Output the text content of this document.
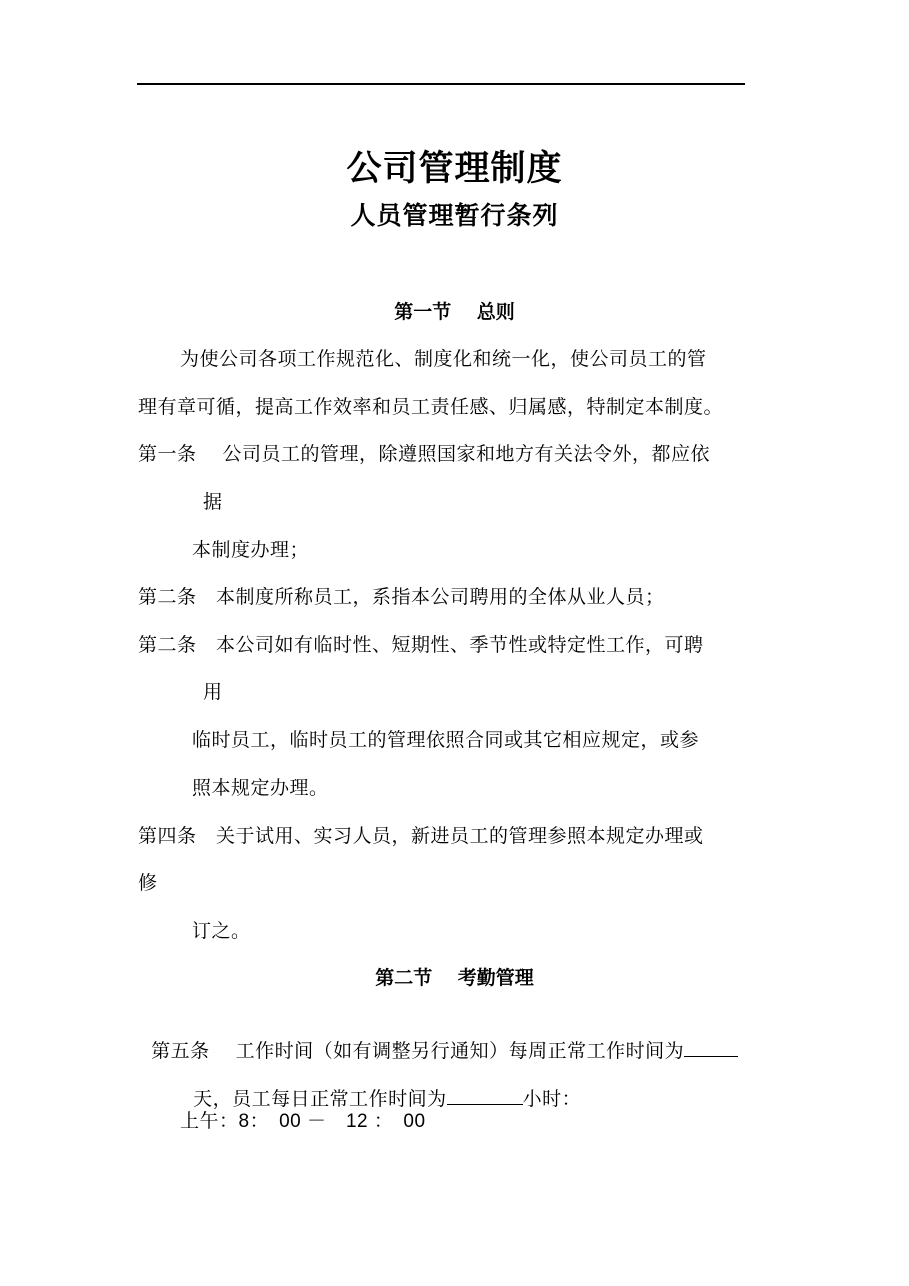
公司管理制度
人员管理暂行条列
第一节　 总则
为使公司各项工作规范化、制度化和统一化，使公司员工的管
理有章可循，提高工作效率和员工责任感、归属感，特制定本制度。
第一条　 公司员工的管理，除遵照国家和地方有关法令外，都应依
据
本制度办理；
第二条　本制度所称员工，系指本公司聘用的全体从业人员；
第二条　本公司如有临时性、短期性、季节性或特定性工作，可聘
用
临时员工，临时员工的管理依照合同或其它相应规定，或参
照本规定办理。
第四条　关于试用、实习人员，新进员工的管理参照本规定办理或
修
订之。
第二节　 考勤管理

第五条　 工作时间（如有调整另行通知）每周正常工作时间为

天，员工每日正常工作时间为	小时：

上午：8：　00 －　12 ：　00
